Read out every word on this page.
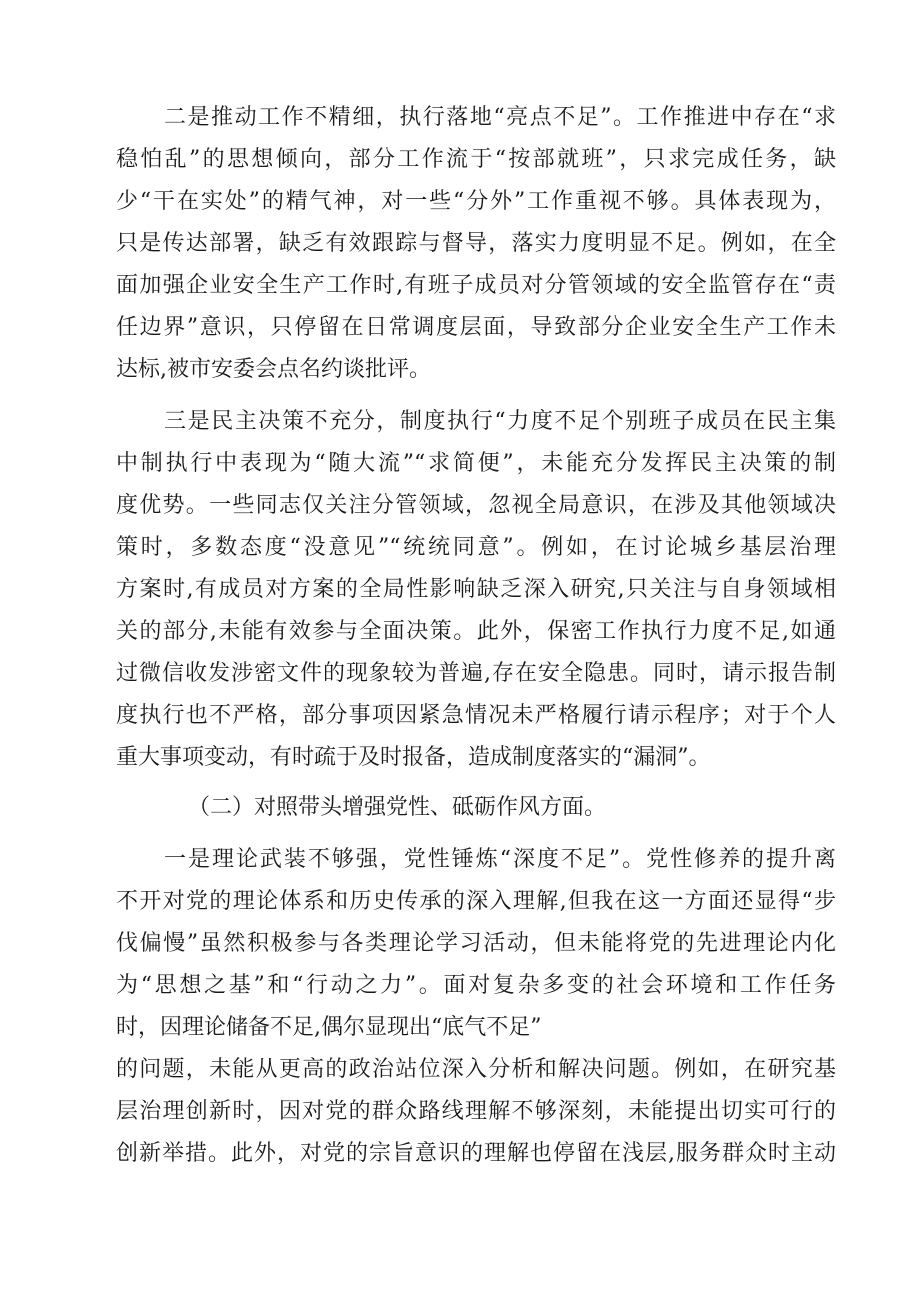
二是推动工作不精细，执行落地“亮点不足”。工作推进中存在“求
稳怕乱”的思想倾向，部分工作流于“按部就班”，只求完成任务，缺
少“干在实处”的精气神，对一些“分外”工作重视不够。具体表现为，
只是传达部署，缺乏有效跟踪与督导，落实力度明显不足。例如，在全
面加强企业安全生产工作时,有班子成员对分管领域的安全监管存在“责
任边界”意识，只停留在日常调度层面，导致部分企业安全生产工作未
达标,被市安委会点名约谈批评。
三是民主决策不充分，制度执行“力度不足个别班子成员在民主集
中制执行中表现为“随大流”“求简便”，未能充分发挥民主决策的制
度优势。一些同志仅关注分管领域，忽视全局意识，在涉及其他领域决
策时，多数态度“没意见”“统统同意”。例如，在讨论城乡基层治理
方案时,有成员对方案的全局性影响缺乏深入研究,只关注与自身领域相
关的部分,未能有效参与全面决策。此外，保密工作执行力度不足,如通
过微信收发涉密文件的现象较为普遍,存在安全隐患。同时，请示报告制
度执行也不严格，部分事项因紧急情况未严格履行请示程序；对于个人
重大事项变动，有时疏于及时报备，造成制度落实的“漏洞”。
（二）对照带头增强党性、砥砺作风方面。
一是理论武装不够强，党性锤炼“深度不足”。党性修养的提升离
不开对党的理论体系和历史传承的深入理解,但我在这一方面还显得“步
伐偏慢”虽然积极参与各类理论学习活动，但未能将党的先进理论内化
为“思想之基”和“行动之力”。面对复杂多变的社会环境和工作任务
时，因理论储备不足,偶尔显现出“底气不足”
的问题，未能从更高的政治站位深入分析和解决问题。例如，在研究基
层治理创新时，因对党的群众路线理解不够深刻，未能提出切实可行的
创新举措。此外，对党的宗旨意识的理解也停留在浅层,服务群众时主动
